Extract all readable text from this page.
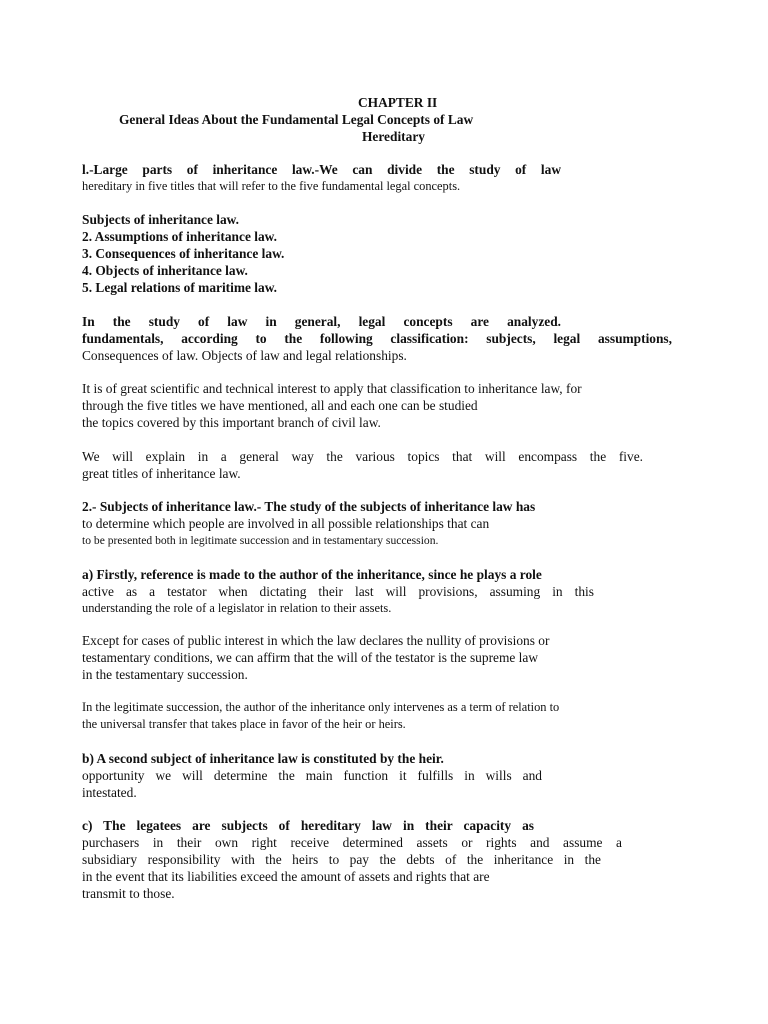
CHAPTER II
General Ideas About the Fundamental Legal Concepts of Law
Hereditary
l.-Large parts of inheritance law.-We can divide the study of law
hereditary in five titles that will refer to the five fundamental legal concepts.
Subjects of inheritance law.
2. Assumptions of inheritance law.
3. Consequences of inheritance law.
4. Objects of inheritance law.
5. Legal relations of maritime law.
In the study of law in general, legal concepts are analyzed.
fundamentals, according to the following classification: subjects, legal assumptions,
Consequences of law. Objects of law and legal relationships.
It is of great scientific and technical interest to apply that classification to inheritance law, for
through the five titles we have mentioned, all and each one can be studied
the topics covered by this important branch of civil law.
We will explain in a general way the various topics that will encompass the five.
great titles of inheritance law.
2.- Subjects of inheritance law.- The study of the subjects of inheritance law has
to determine which people are involved in all possible relationships that can
to be presented both in legitimate succession and in testamentary succession.
a) Firstly, reference is made to the author of the inheritance, since he plays a role
active as a testator when dictating their last will provisions, assuming in this
understanding the role of a legislator in relation to their assets.
Except for cases of public interest in which the law declares the nullity of provisions or
testamentary conditions, we can affirm that the will of the testator is the supreme law
in the testamentary succession.
In the legitimate succession, the author of the inheritance only intervenes as a term of relation to
the universal transfer that takes place in favor of the heir or heirs.
b) A second subject of inheritance law is constituted by the heir.
opportunity we will determine the main function it fulfills in wills and
intestated.
c) The legatees are subjects of hereditary law in their capacity as
purchasers in their own right receive determined assets or rights and assume a
subsidiary responsibility with the heirs to pay the debts of the inheritance in the
in the event that its liabilities exceed the amount of assets and rights that are
transmit to those.
